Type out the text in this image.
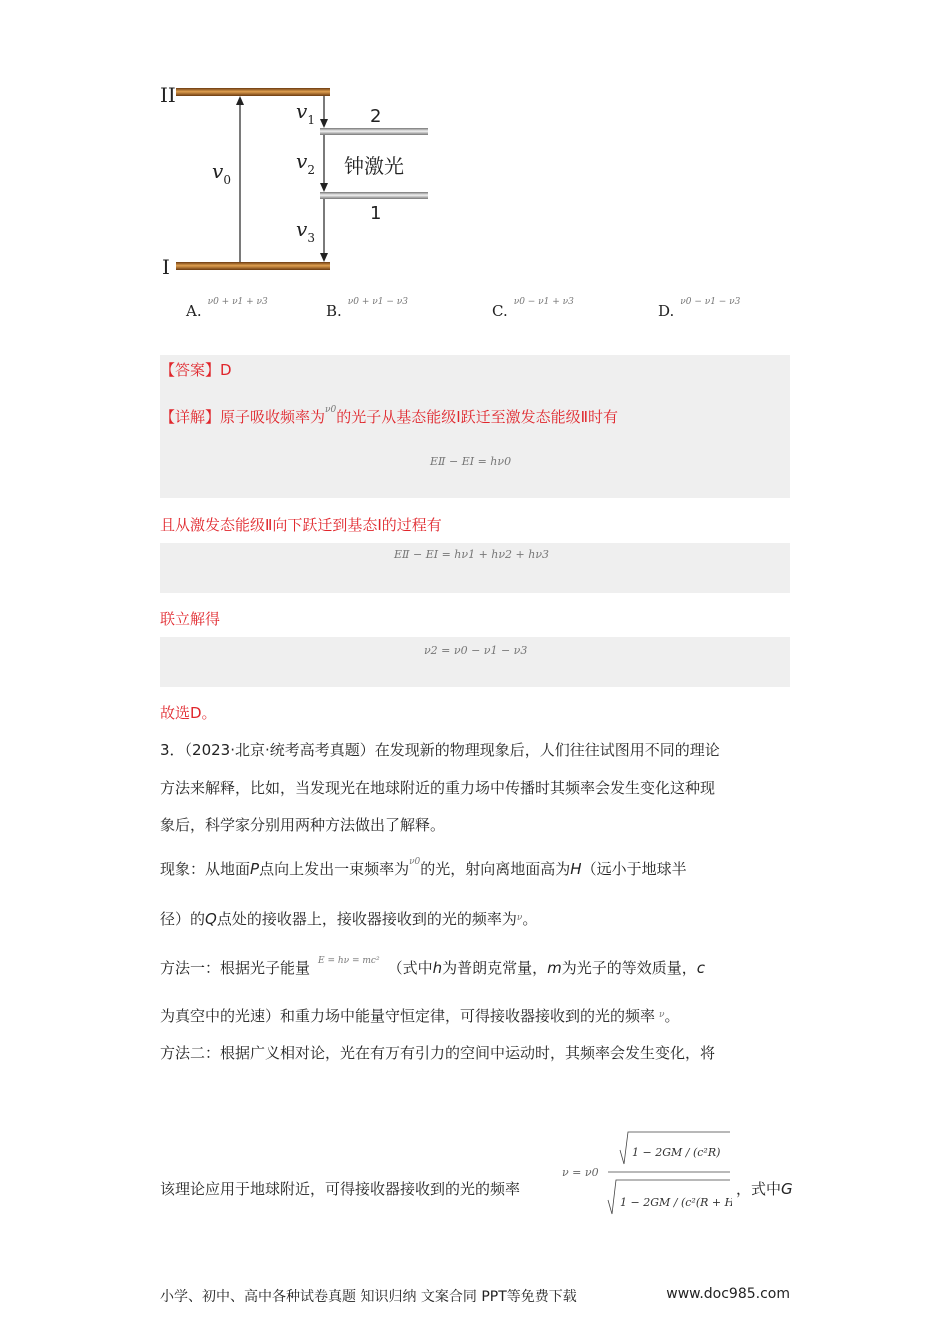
II
I
2
1
钟激光
$v_0$
$v_1$
$v_2$
$v_3$
A. $^{\nu 0 + \nu 1 + \nu 3}$	B. $^{\nu 0 + \nu 1 - \nu 3}$	C. $^{\nu 0 - \nu 1 + \nu 3}$	D. $^{\nu 0 - \nu 1 - \nu 3}$
【答案】D
【详解】原子吸收频率为$^{\nu 0}$的光子从基态能级Ⅰ跃迁至激发态能级Ⅱ时有
EⅡ − EⅠ = hν0
且从激发态能级Ⅱ向下跃迁到基态Ⅰ的过程有
EⅡ − EⅠ = hν1 + hν2 + hν3
联立解得
ν2 = ν0 − ν1 − ν3
故选D。
3．（2023·北京·统考高考真题）在发现新的物理现象后，人们往往试图用不同的理论
方法来解释，比如，当发现光在地球附近的重力场中传播时其频率会发生变化这种现
象后，科学家分别用两种方法做出了解释。
现象：从地面P点向上发出一束频率为$^{\nu 0}$的光，射向离地面高为H（远小于地球半
径）的Q点处的接收器上，接收器接收到的光的频率为$^\nu$。
方法一：根据光子能量 $^{E = h\nu = mc^2}$ （式中h为普朗克常量，m为光子的等效质量，c
为真空中的光速）和重力场中能量守恒定律，可得接收器接收到的光的频率 $^\nu$。
方法二：根据广义相对论，光在有万有引力的空间中运动时，其频率会发生变化，将
该理论应用于地球附近，可得接收器接收到的光的频率
ν = ν0
1 − 2GM / (c²R)
1 − 2GM / (c²(R + H))
，式中G
小学、初中、高中各种试卷真题 知识归纳 文案合同 PPT等免费下载	www.doc985.com
